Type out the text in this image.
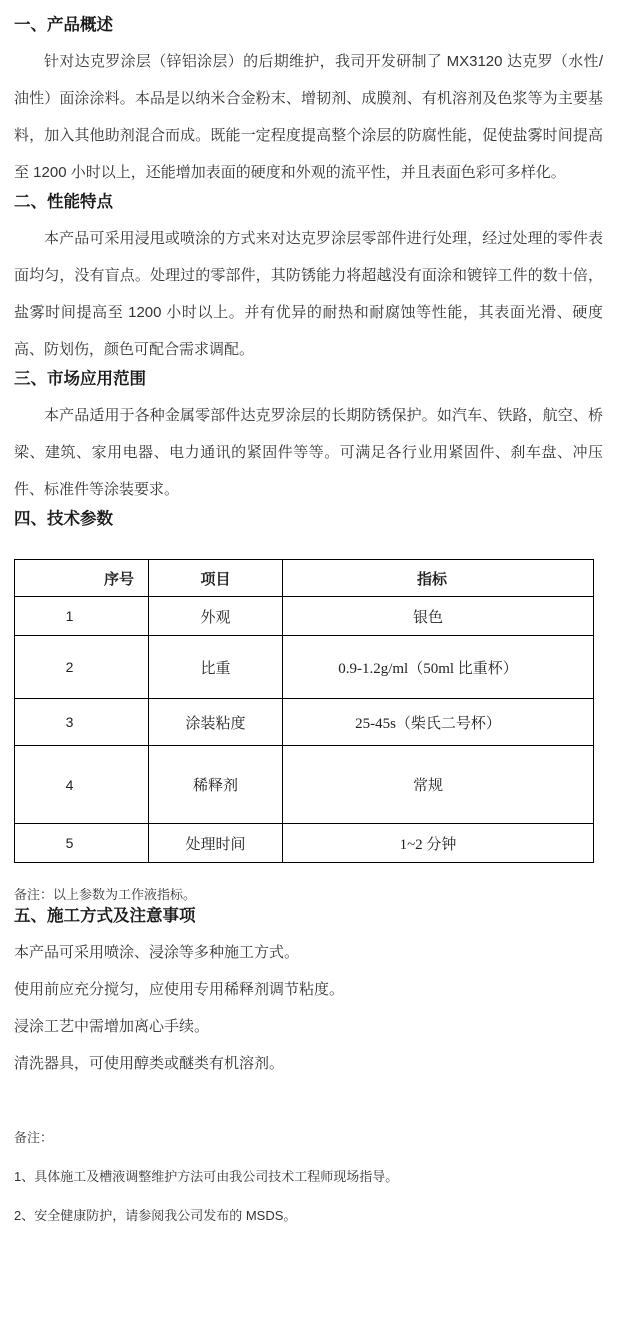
一、产品概述

针对达克罗涂层（锌铝涂层）的后期维护，我司开发研制了 MX3120 达克罗（水性/油性）面涂涂料。本品是以纳米合金粉末、增韧剂、成膜剂、有机溶剂及色浆等为主要基料，加入其他助剂混合而成。既能一定程度提高整个涂层的防腐性能，促使盐雾时间提高至 1200 小时以上，还能增加表面的硬度和外观的流平性，并且表面色彩可多样化。

二、性能特点

本产品可采用浸甩或喷涂的方式来对达克罗涂层零部件进行处理，经过处理的零件表面均匀，没有盲点。处理过的零部件，其防锈能力将超越没有面涂和镀锌工件的数十倍，盐雾时间提高至 1200 小时以上。并有优异的耐热和耐腐蚀等性能，其表面光滑、硬度高、防划伤，颜色可配合需求调配。

三、市场应用范围

本产品适用于各种金属零部件达克罗涂层的长期防锈保护。如汽车、铁路，航空、桥梁、建筑、家用电器、电力通讯的紧固件等等。可满足各行业用紧固件、刹车盘、冲压件、标准件等涂装要求。

四、技术参数
序号	项目	指标
1	外观	银色
2	比重	0.9-1.2g/ml（50ml 比重杯）
3	涂装粘度	25-45s（柴氏二号杯）
4	稀释剂	常规
5	处理时间	1~2 分钟

备注：以上参数为工作液指标。

五、施工方式及注意事项

本产品可采用喷涂、浸涂等多种施工方式。

使用前应充分搅匀，应使用专用稀释剂调节粘度。

浸涂工艺中需增加离心手续。

清洗器具，可使用醇类或醚类有机溶剂。

备注：

1、具体施工及槽液调整维护方法可由我公司技术工程师现场指导。

2、安全健康防护，请参阅我公司发布的 MSDS。
